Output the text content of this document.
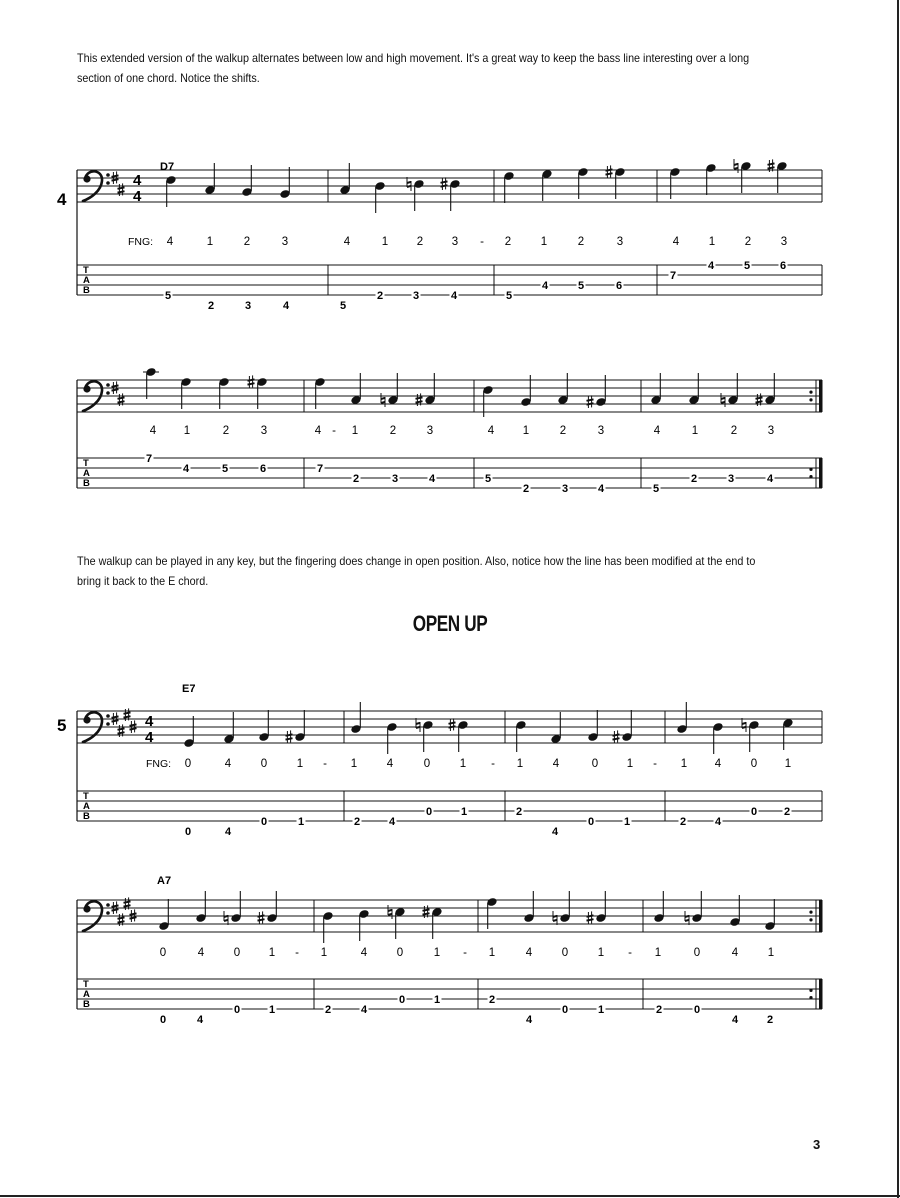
This extended version of the walkup alternates between low and high movement. It's a great way to keep the bass line interesting over a long section of one chord. Notice the shifts.
The walkup can be played in any key, but the fingering does change in open position. Also, notice how the line has been modified at the end to bring it back to the E chord.
OPEN UP
3
4
4
4
D7
T
A
B
FNG: 4	1	2	3	4	1 2 3 - 2	1	2	3	4	1	2	3
5
2	3	4	5
2	3	4	5
4	5	6
7
4	5	6
T
A
B
4 1	2	3	4 - 1	2	3	4 1	2	3	4	1	2	3
7
4	5	6	7
2	3	4	5
2	3	4	5
2	3	4
4
4
5
E7
T
A
B
FNG: 0	4	0	1 - 1	4	0	1 - 1	4	0 1 - 1 4	0 1
0	4
0	1	2	4
0	1	2
4
0	1	2	4
0 2
A7
T
A
B
0	4	0 1 - 1	4	0	1 - 1	4	0	1 - 1	0	4	1
0	4
0	1	2	4
0	1	2
4
0	1	2	0
4	2
